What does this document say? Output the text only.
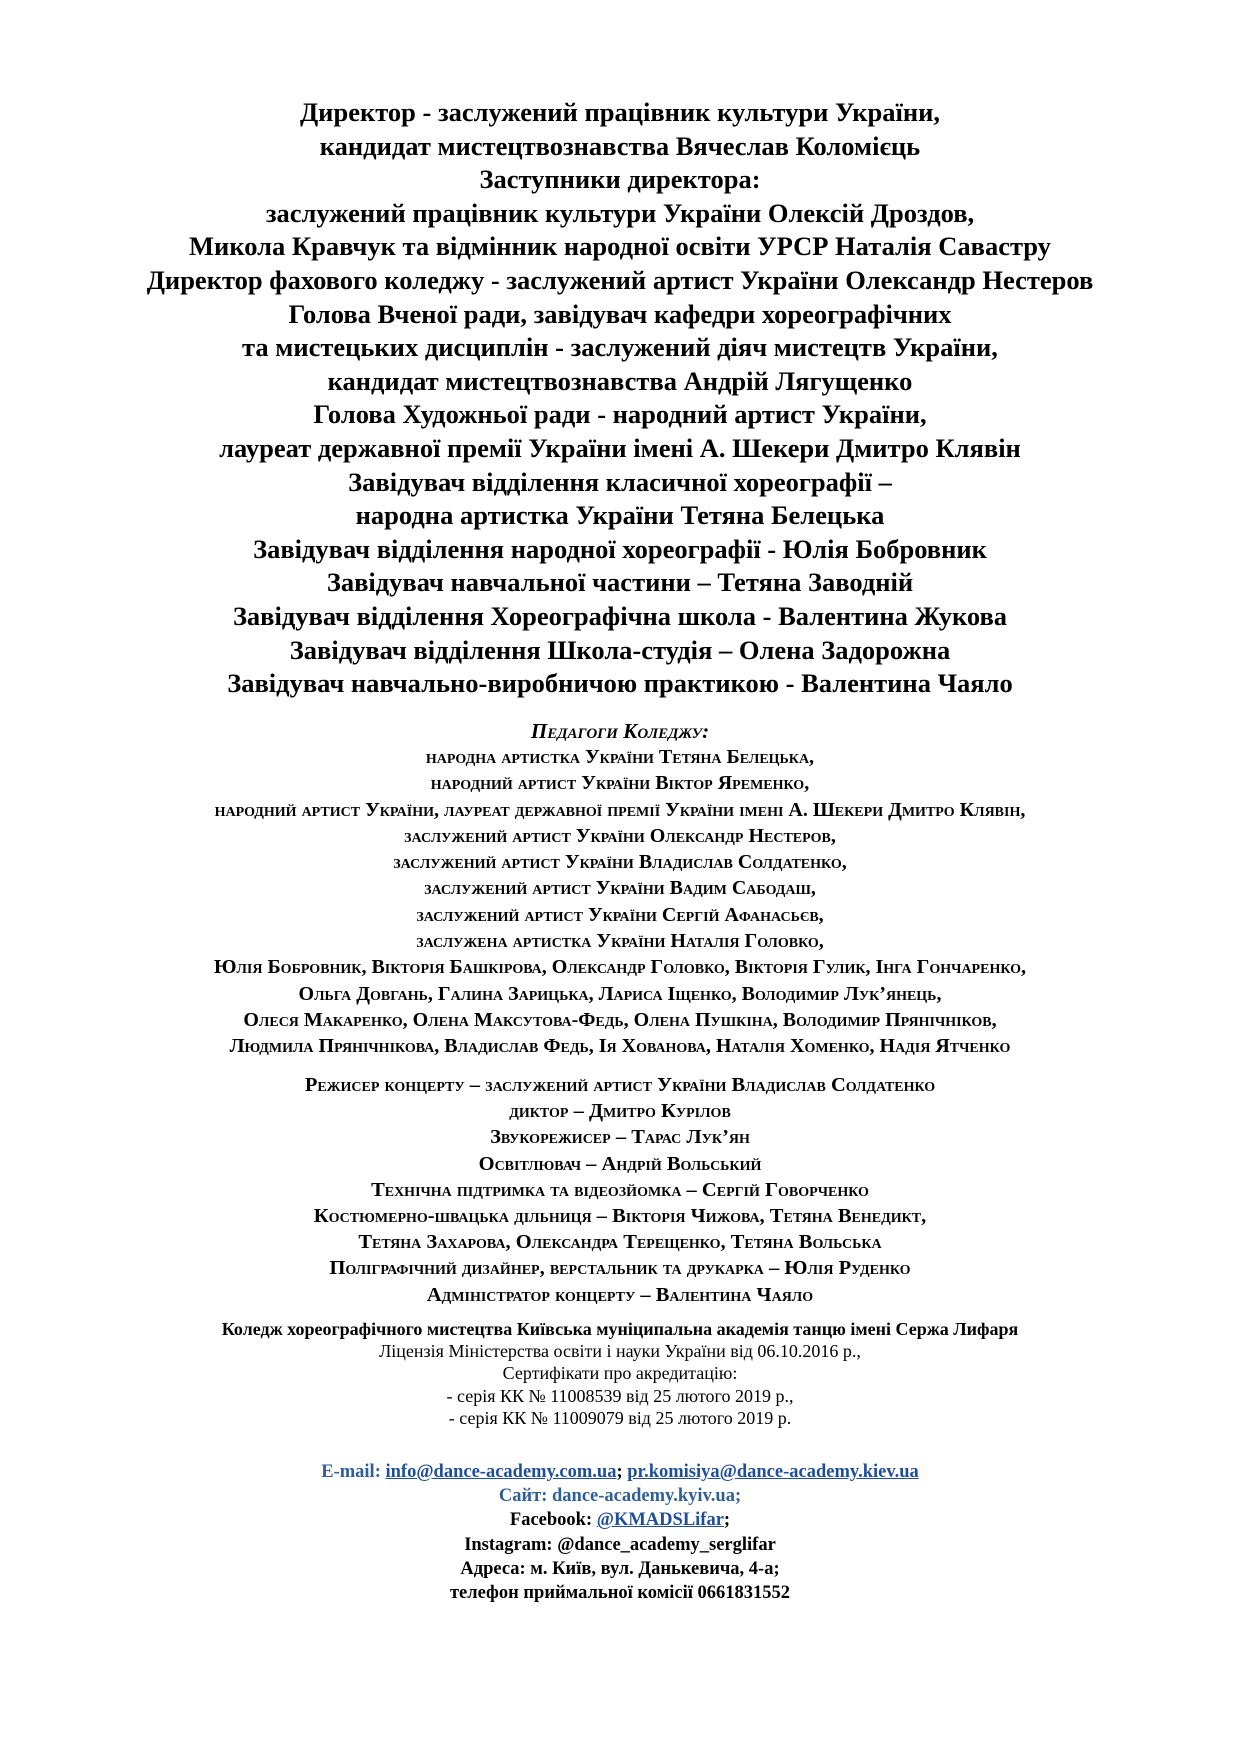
Директор - заслужений працівник культури України,
кандидат мистецтвознавства Вячеслав Коломієць
Заступники директора:
заслужений працівник культури України Олексій Дроздов,
Микола Кравчук та відмінник народної освіти УРСР Наталія Савастру
Директор фахового коледжу - заслужений артист України Олександр Нестеров
Голова Вченої ради, завідувач кафедри хореографічних
та мистецьких дисциплін - заслужений діяч мистецтв України,
кандидат мистецтвознавства Андрій Лягущенко
Голова Художньої ради - народний артист України,
лауреат державної премії України імені А. Шекери Дмитро Клявін
Завідувач відділення класичної хореографії –
народна артистка України Тетяна Белецька
Завідувач відділення народної хореографії - Юлія Бобровник
Завідувач навчальної частини – Тетяна Заводній
Завідувач відділення Хореографічна школа - Валентина Жукова
Завідувач відділення Школа-студія – Олена Задорожна
Завідувач навчально-виробничою практикою - Валентина Чаяло
Педагоги Коледжу:
народна артистка України Тетяна Белецька,
народний артист України Віктор Яременко,
народний артист України, лауреат державної премії України імені А. Шекери Дмитро Клявін,
заслужений артист України Олександр Нестеров,
заслужений артист України Владислав Солдатенко,
заслужений артист України Вадим Сабодаш,
заслужений артист України Сергій Афанасьєв,
заслужена артистка України Наталія Головко,
Юлія Бобровник, Вікторія Башкірова, Олександр Головко, Вікторія Гулик, Інга Гончаренко,
Ольга Довгань, Галина Зарицька, Лариса Іщенко, Володимир Лук’янець,
Олеся Макаренко, Олена Максутова-Федь, Олена Пушкіна, Володимир Прянічніков,
Людмила Прянічнікова, Владислав Федь, Ія Хованова, Наталія Хоменко, Надія Ятченко
Режисер концерту – заслужений артист України Владислав Солдатенко
диктор – Дмитро Курілов
Звукорежисер – Тарас Лук’ян
Освітлювач – Андрій Вольський
Технічна підтримка та відеозйомка – Сергій Говорченко
Костюмерно-швацька дільниця – Вікторія Чижова, Тетяна Венедикт,
Тетяна Захарова, Олександра Терещенко, Тетяна Вольська
Поліграфічний дизайнер, верстальник та друкарка – Юлія Руденко
Адміністратор концерту – Валентина Чаяло
Коледж хореографічного мистецтва Київська муніципальна академія танцю імені Сержа Лифаря
Ліцензія Міністерства освіти і науки України від 06.10.2016 р.,
Сертифікати про акредитацію:
- серія КК № 11008539 від 25 лютого 2019 р.,
- серія КК № 11009079 від 25 лютого 2019 р.
E-mail: info@dance-academy.com.ua; pr.komisiya@dance-academy.kiev.ua
Сайт: dance-academy.kyiv.ua;
Facebook: @KMADSLifar;
Instagram: @dance_academy_serglifar
Адреса: м. Київ, вул. Данькевича, 4-а;
телефон приймальної комісії 0661831552
